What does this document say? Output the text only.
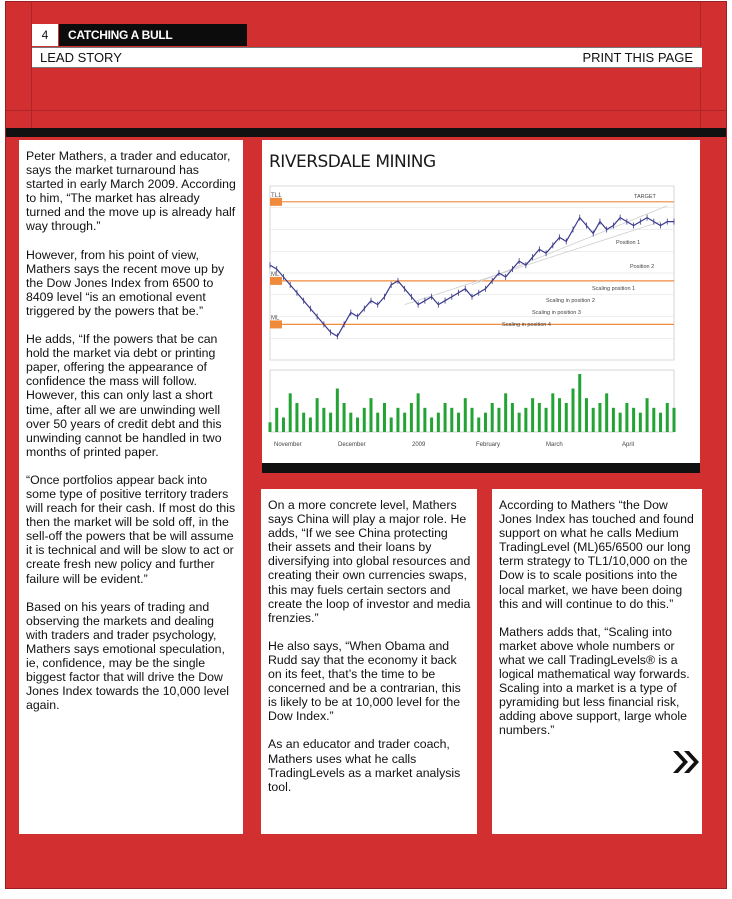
4	CATCHING A BULL
LEAD STORY	PRINT THIS PAGE

Peter Mathers, a trader and educator, says the market turnaround has started in early March 2009. According to him, “The market has already turned and the move up is already half way through.”

However, from his point of view, Mathers says the recent move up by the Dow Jones Index from 6500 to 8409 level “is an emotional event triggered by the powers that be.”

He adds, “If the powers that be can hold the market via debt or printing paper, offering the appearance of confidence the mass will follow. However, this can only last a short time, after all we are unwinding well over 50 years of credit debt and this unwinding cannot be handled in two months of printed paper.

“Once portfolios appear back into some type of positive territory traders will reach for their cash. If most do this then the market will be sold off, in the sell-off the powers that be will assume it is technical and will be slow to act or create fresh new policy and further failure will be evident.”

Based on his years of trading and observing the markets and dealing with traders and trader psychology, Mathers says emotional speculation, ie, confidence, may be the single biggest factor that will drive the Dow Jones Index towards the 10,000 level again.

RIVERSDALE MINING
TL1
ML
ML
TARGET
Position 1
Position 2
Scaling position 1
Scaling in position 2
Scaling in position 3
Scaling in position 4
November	December	2009	February	March	April

On a more concrete level, Mathers says China will play a major role. He adds, “If we see China protecting their assets and their loans by diversifying into global resources and creating their own currencies swaps, this may fuels certain sectors and create the loop of investor and media frenzies.”

He also says, “When Obama and Rudd say that the economy it back on its feet, that’s the time to be concerned and be a contrarian, this is likely to be at 10,000 level for the Dow Index.”

As an educator and trader coach, Mathers uses what he calls TradingLevels as a market analysis tool.

According to Mathers “the Dow Jones Index has touched and found support on what he calls Medium TradingLevel (ML)65/6500 our long term strategy to TL1/10,000 on the Dow is to scale positions into the local market, we have been doing this and will continue to do this.”

Mathers adds that, “Scaling into market above whole numbers or what we call TradingLevels® is a logical mathematical way forwards. Scaling into a market is a type of pyramiding but less financial risk, adding above support, large whole numbers.”
